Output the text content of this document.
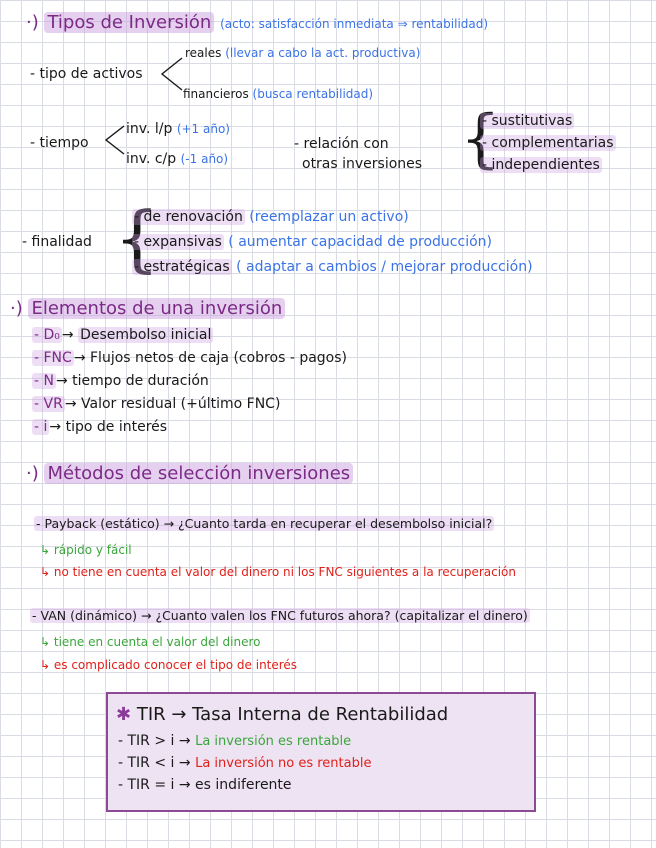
·) Tipos de Inversión (acto: satisfacción inmediata ⇒ rentabilidad)
reales (llevar a cabo la act. productiva)
- tipo de activos
financieros (busca rentabilidad)
- tiempo
inv. l/p (+1 año)
inv. c/p (-1 año)
- relación con
otras inversiones {
- sustitutivas
- complementarias
- independientes
- finalidad {
- de renovación (reemplazar un activo)
- expansivas ( aumentar capacidad de producción)
- estratégicas ( adaptar a cambios / mejorar producción)
·) Elementos de una inversión
- D₀ → Desembolso inicial
- FNC → Flujos netos de caja (cobros - pagos)
- N → tiempo de duración
- VR → Valor residual (+último FNC)
- i → tipo de interés
·) Métodos de selección inversiones
- Payback (estático) → ¿Cuanto tarda en recuperar el desembolso inicial?
↳ rápido y fácil
↳ no tiene en cuenta el valor del dinero ni los FNC siguientes a la recuperación
- VAN (dinámico) → ¿Cuanto valen los FNC futuros ahora? (capitalizar el dinero)
↳ tiene en cuenta el valor del dinero
↳ es complicado conocer el tipo de interés
✱ TIR → Tasa Interna de Rentabilidad
- TIR > i → La inversión es rentable
- TIR < i → La inversión no es rentable
- TIR = i → es indiferente
